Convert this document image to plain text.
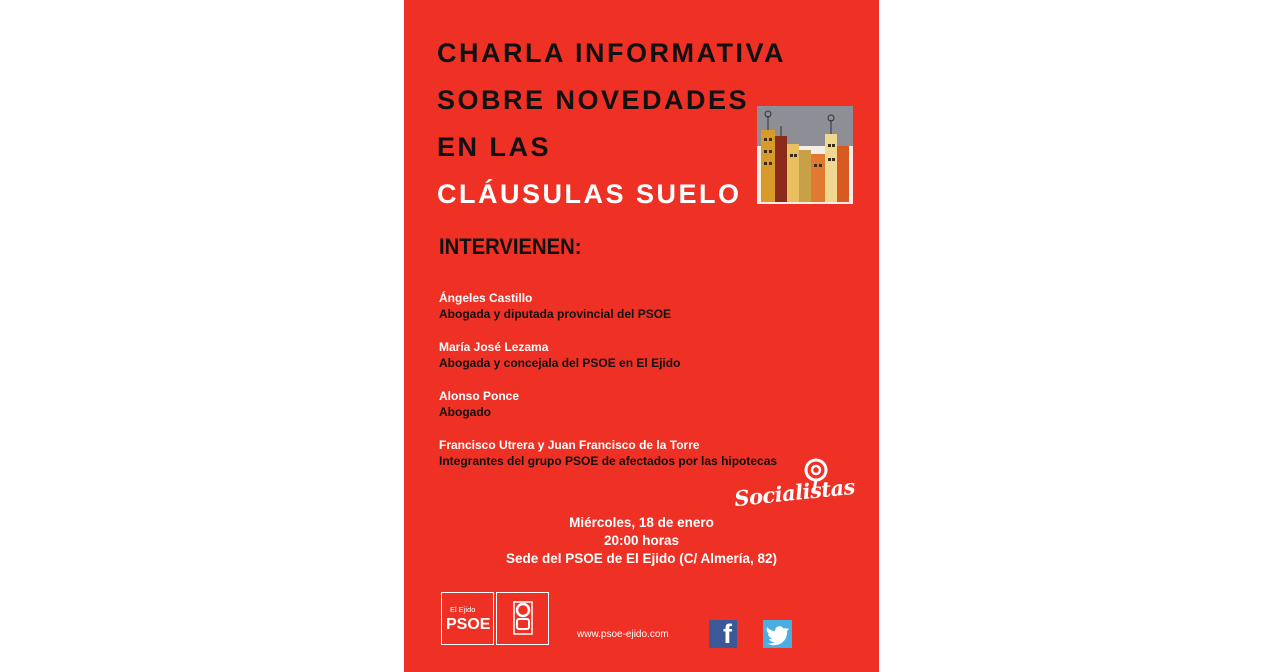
CHARLA INFORMATIVA
SOBRE NOVEDADES
EN LAS
CLÁUSULAS SUELO
INTERVIENEN:
Ángeles Castillo
Abogada y diputada provincial del PSOE
María José Lezama
Abogada y concejala del PSOE en El Ejido
Alonso Ponce
Abogado
Francisco Utrera y Juan Francisco de la Torre
Integrantes del grupo PSOE de afectados por las hipotecas
Socialistas
Miércoles, 18 de enero
20:00 horas
Sede del PSOE de El Ejido (C/ Almería, 82)
El Ejido
PSOE
www.psoe-ejido.com f
